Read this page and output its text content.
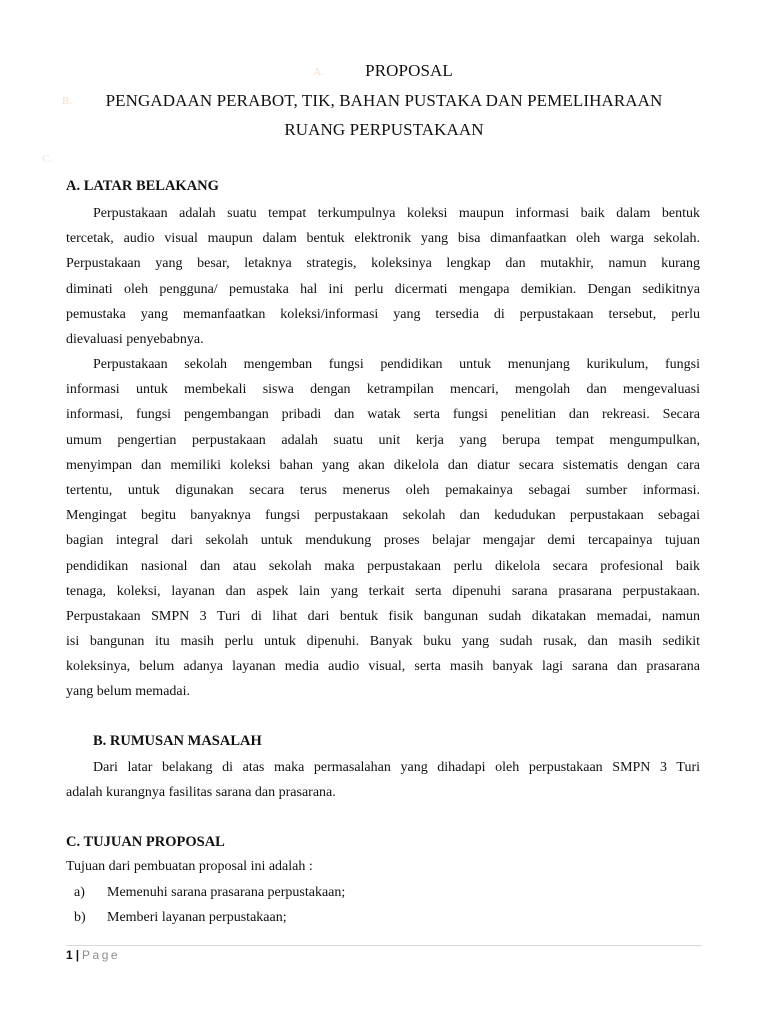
A.
B.
C.
PROPOSAL
PENGADAAN PERABOT, TIK, BAHAN PUSTAKA DAN PEMELIHARAAN
RUANG PERPUSTAKAAN
A. LATAR BELAKANG
Perpustakaan adalah suatu tempat terkumpulnya koleksi maupun informasi baik dalam bentuk
tercetak, audio visual maupun dalam bentuk elektronik yang bisa dimanfaatkan oleh warga sekolah.
Perpustakaan yang besar, letaknya strategis, koleksinya lengkap dan mutakhir, namun kurang
diminati oleh pengguna/ pemustaka hal ini perlu dicermati mengapa demikian. Dengan sedikitnya
pemustaka yang memanfaatkan koleksi/informasi yang tersedia di perpustakaan tersebut, perlu
dievaluasi penyebabnya.
Perpustakaan sekolah mengemban fungsi pendidikan untuk menunjang kurikulum, fungsi
informasi untuk membekali siswa dengan ketrampilan mencari, mengolah dan mengevaluasi
informasi, fungsi pengembangan pribadi dan watak serta fungsi penelitian dan rekreasi. Secara
umum pengertian perpustakaan adalah suatu unit kerja yang berupa tempat mengumpulkan,
menyimpan dan memiliki koleksi bahan yang akan dikelola dan diatur secara sistematis dengan cara
tertentu, untuk digunakan secara terus menerus oleh pemakainya sebagai sumber informasi.
Mengingat begitu banyaknya fungsi perpustakaan sekolah dan kedudukan perpustakaan sebagai
bagian integral dari sekolah untuk mendukung proses belajar mengajar demi tercapainya tujuan
pendidikan nasional dan atau sekolah maka perpustakaan perlu dikelola secara profesional baik
tenaga, koleksi, layanan dan aspek lain yang terkait serta dipenuhi sarana prasarana perpustakaan.
Perpustakaan SMPN 3 Turi di lihat dari bentuk fisik bangunan sudah dikatakan memadai, namun
isi bangunan itu masih perlu untuk dipenuhi. Banyak buku yang sudah rusak, dan masih sedikit
koleksinya, belum adanya layanan media audio visual, serta masih banyak lagi sarana dan prasarana
yang belum memadai.
B. RUMUSAN MASALAH
Dari latar belakang di atas maka permasalahan yang dihadapi oleh perpustakaan SMPN 3 Turi
adalah kurangnya fasilitas sarana dan prasarana.
C. TUJUAN PROPOSAL
Tujuan dari pembuatan proposal ini adalah :
a) Memenuhi sarana prasarana perpustakaan;
b) Memberi layanan perpustakaan;
1 | Page
